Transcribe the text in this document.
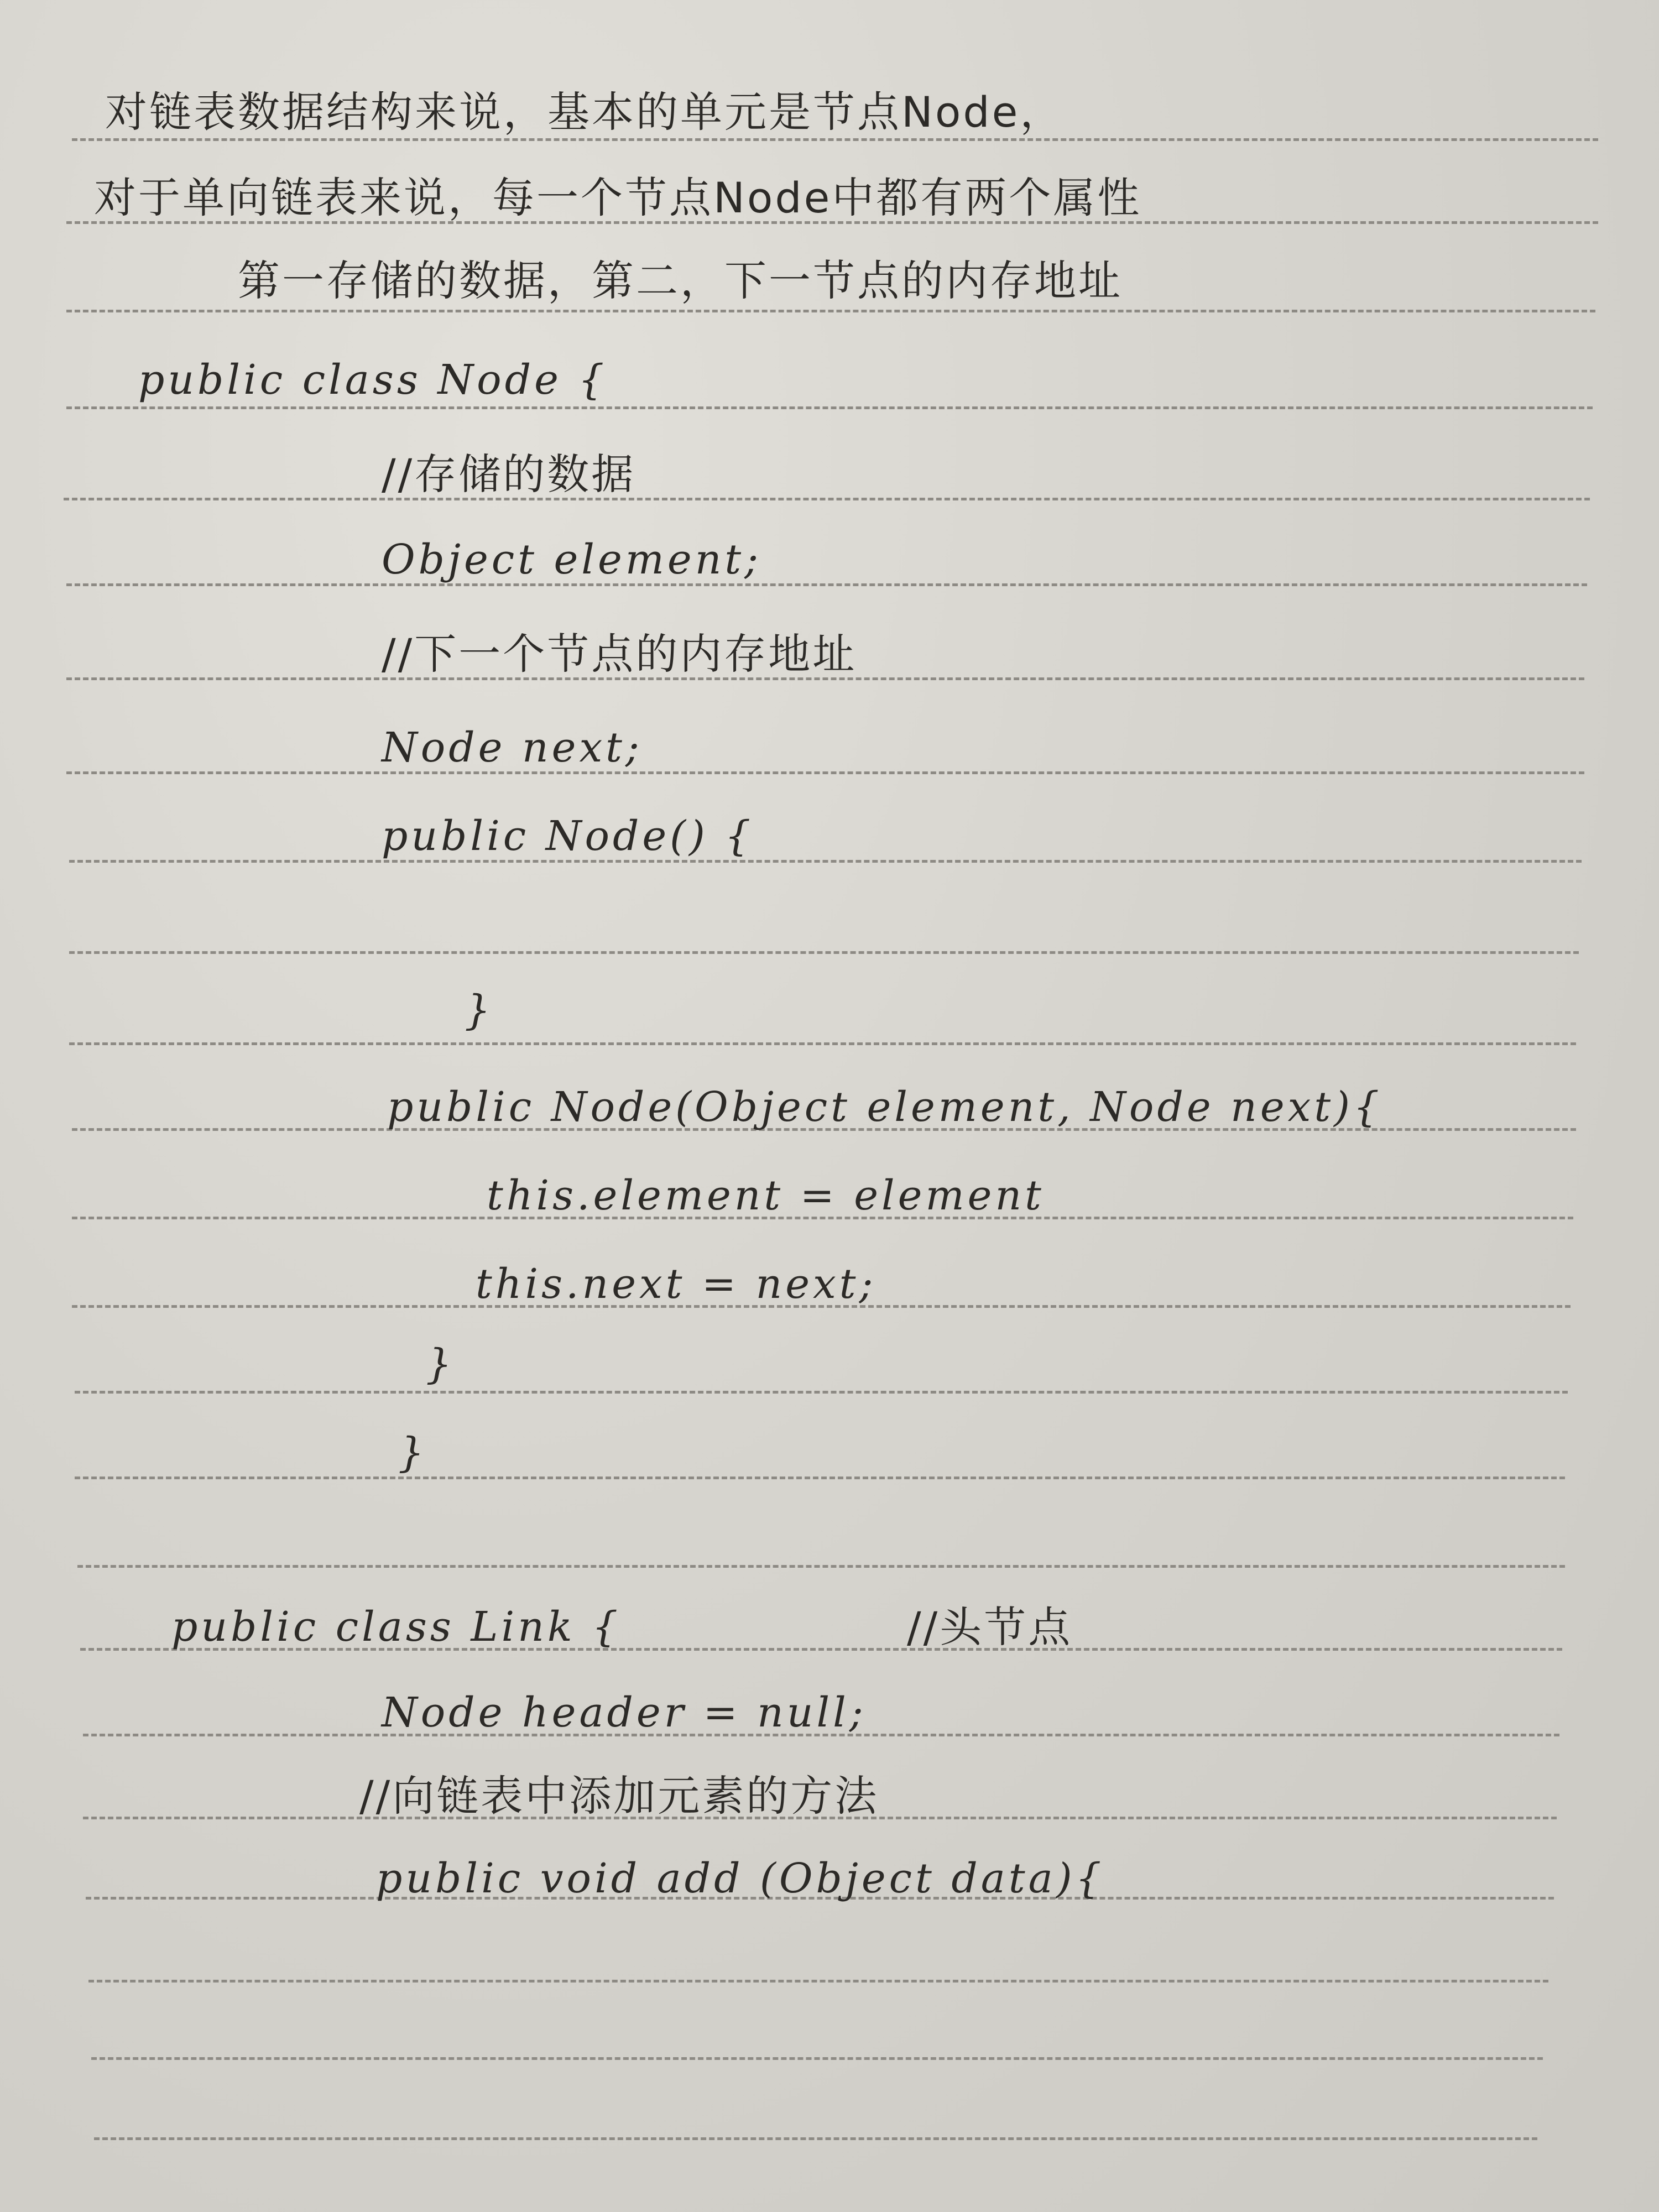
对链表数据结构来说，基本的单元是节点Node，
对于单向链表来说，每一个节点Node中都有两个属性
第一存储的数据，第二，下一节点的内存地址
public class Node {
//存储的数据
Object element;
//下一个节点的内存地址
Node next;
public Node() {
}
public Node(Object element, Node next){
this.element = element
this.next = next;
}
}
public class Link {	//头节点
Node header = null;
//向链表中添加元素的方法
public void add (Object data){
